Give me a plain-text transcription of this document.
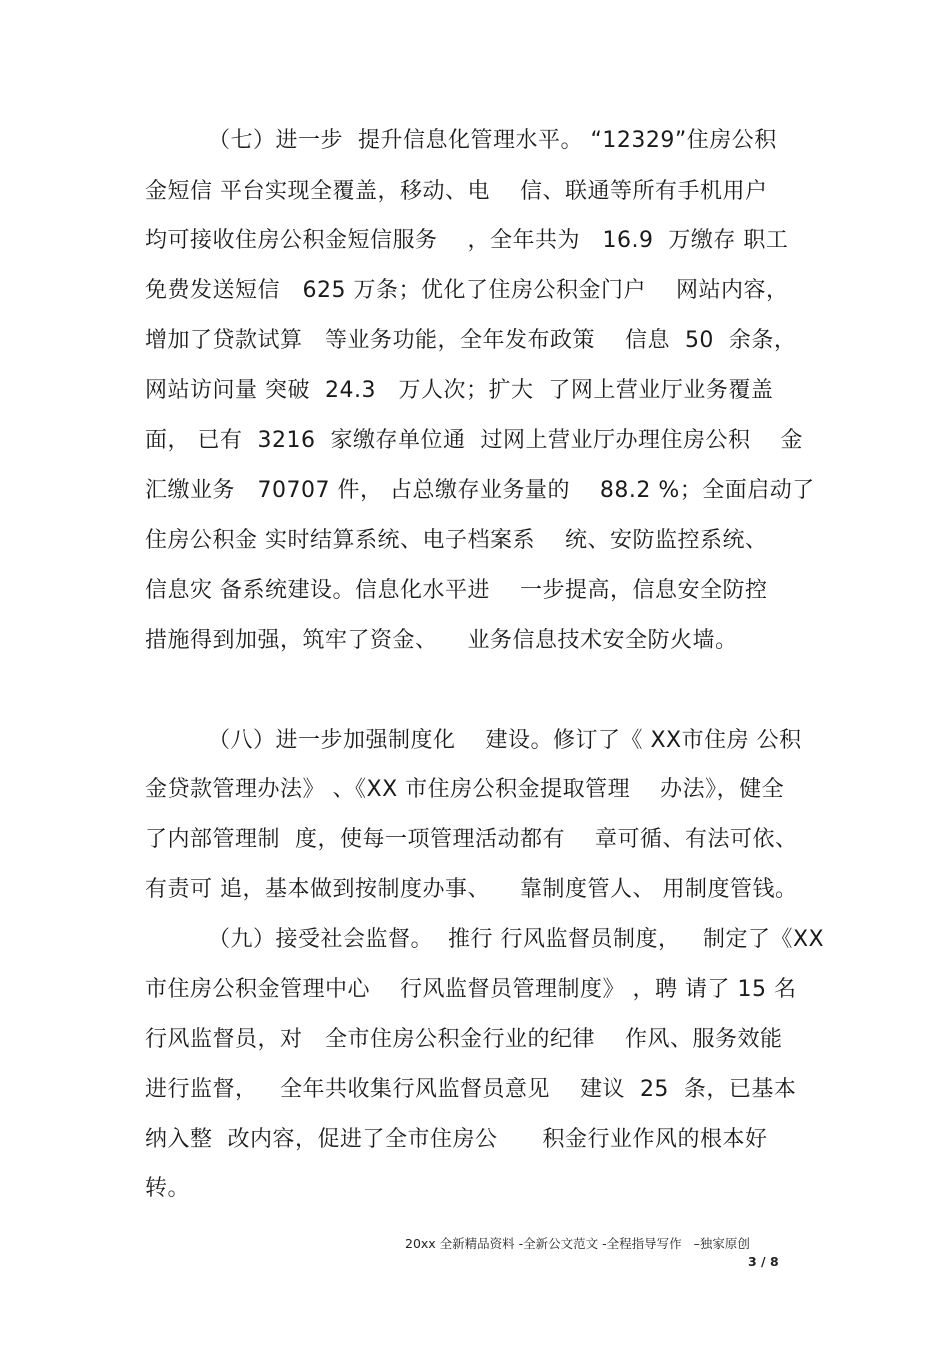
（七）进一步  提升信息化管理水平。 “12329”住房公积
金短信 平台实现全覆盖，移动、电    信、联通等所有手机用户
均可接收住房公积金短信服务    ，全年共为   16.9  万缴存 职工
免费发送短信   625 万条；优化了住房公积金门户    网站内容，
增加了贷款试算   等业务功能，全年发布政策    信息  50  余条，
网站访问量 突破  24.3   万人次；扩大  了网上营业厅业务覆盖
面， 已有  3216  家缴存单位通  过网上营业厅办理住房公积    金
汇缴业务   70707 件， 占总缴存业务量的    88.2 %；全面启动了
住房公积金 实时结算系统、电子档案系    统、安防监控系统、
信息灾 备系统建设。信息化水平进    一步提高，信息安全防控
措施得到加强，筑牢了资金、    业务信息技术安全防火墙。
（八）进一步加强制度化    建设。修订了《 XX市住房 公积
金贷款管理办法》 、《XX 市住房公积金提取管理    办法》，健全
了内部管理制  度，使每一项管理活动都有    章可循、有法可依、
有责可 追，基本做到按制度办事、    靠制度管人、 用制度管钱。
（九）接受社会监督。  推行 行风监督员制度，   制定了《XX
市住房公积金管理中心    行风监督员管理制度》 ，聘 请了 15 名
行风监督员，对   全市住房公积金行业的纪律    作风、服务效能
进行监督，   全年共收集行风监督员意见    建议  25  条，已基本
纳入整  改内容，促进了全市住房公      积金行业作风的根本好
转。
20xx 全新精品资料 -全新公文范文 -全程指导写作   –独家原创
3 / 8
